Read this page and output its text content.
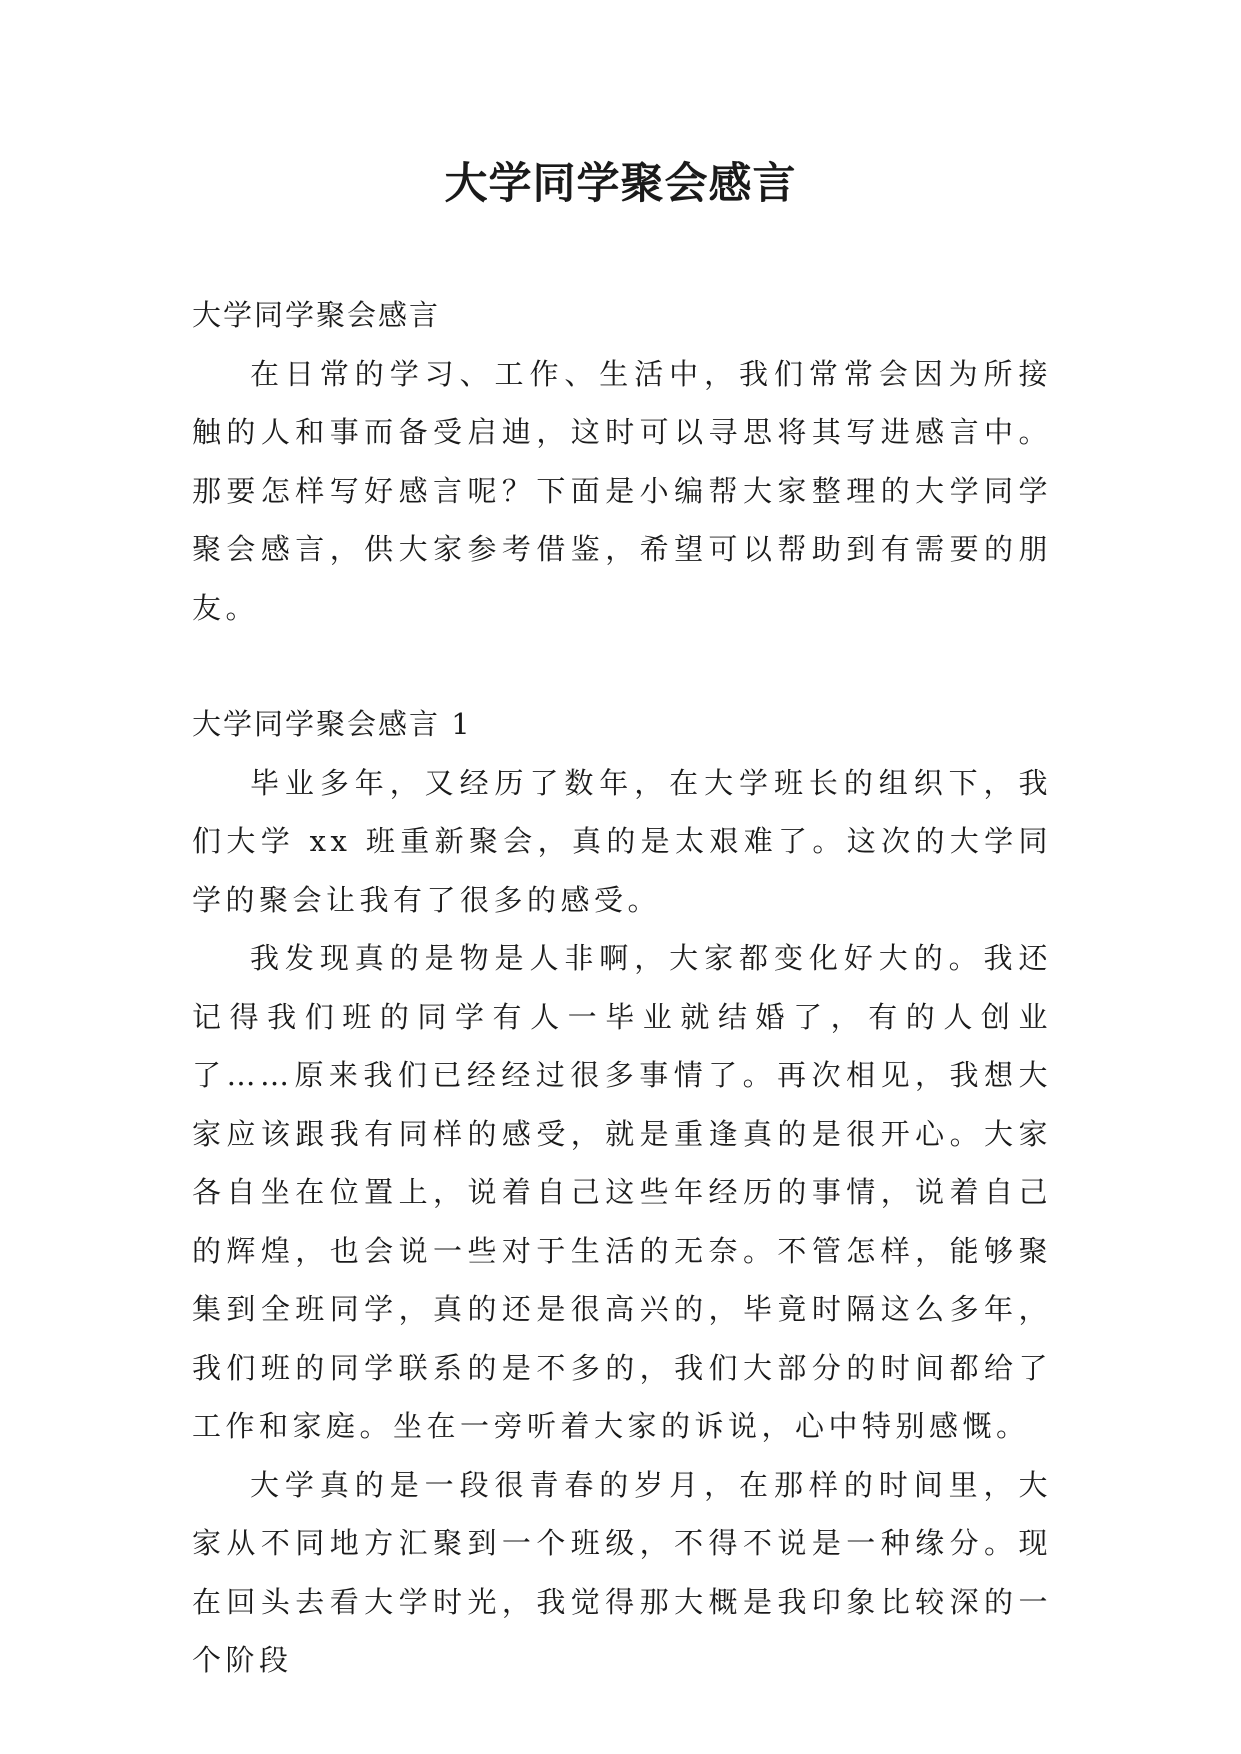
大学同学聚会感言
大学同学聚会感言

在日常的学习、工作、生活中，我们常常会因为所接触的人和事而备受启迪，这时可以寻思将其写进感言中。那要怎样写好感言呢？下面是小编帮大家整理的大学同学聚会感言，供大家参考借鉴，希望可以帮助到有需要的朋友。

大学同学聚会感言 1

毕业多年，又经历了数年，在大学班长的组织下，我们大学 xx 班重新聚会，真的是太艰难了。这次的大学同学的聚会让我有了很多的感受。

我发现真的是物是人非啊，大家都变化好大的。我还记得我们班的同学有人一毕业就结婚了，有的人创业了……原来我们已经经过很多事情了。再次相见，我想大家应该跟我有同样的感受，就是重逢真的是很开心。大家各自坐在位置上，说着自己这些年经历的事情，说着自己的辉煌，也会说一些对于生活的无奈。不管怎样，能够聚集到全班同学，真的还是很高兴的，毕竟时隔这么多年，我们班的同学联系的是不多的，我们大部分的时间都给了工作和家庭。坐在一旁听着大家的诉说，心中特别感慨。

大学真的是一段很青春的岁月，在那样的时间里，大家从不同地方汇聚到一个班级，不得不说是一种缘分。现在回头去看大学时光，我觉得那大概是我印象比较深的一个阶段
